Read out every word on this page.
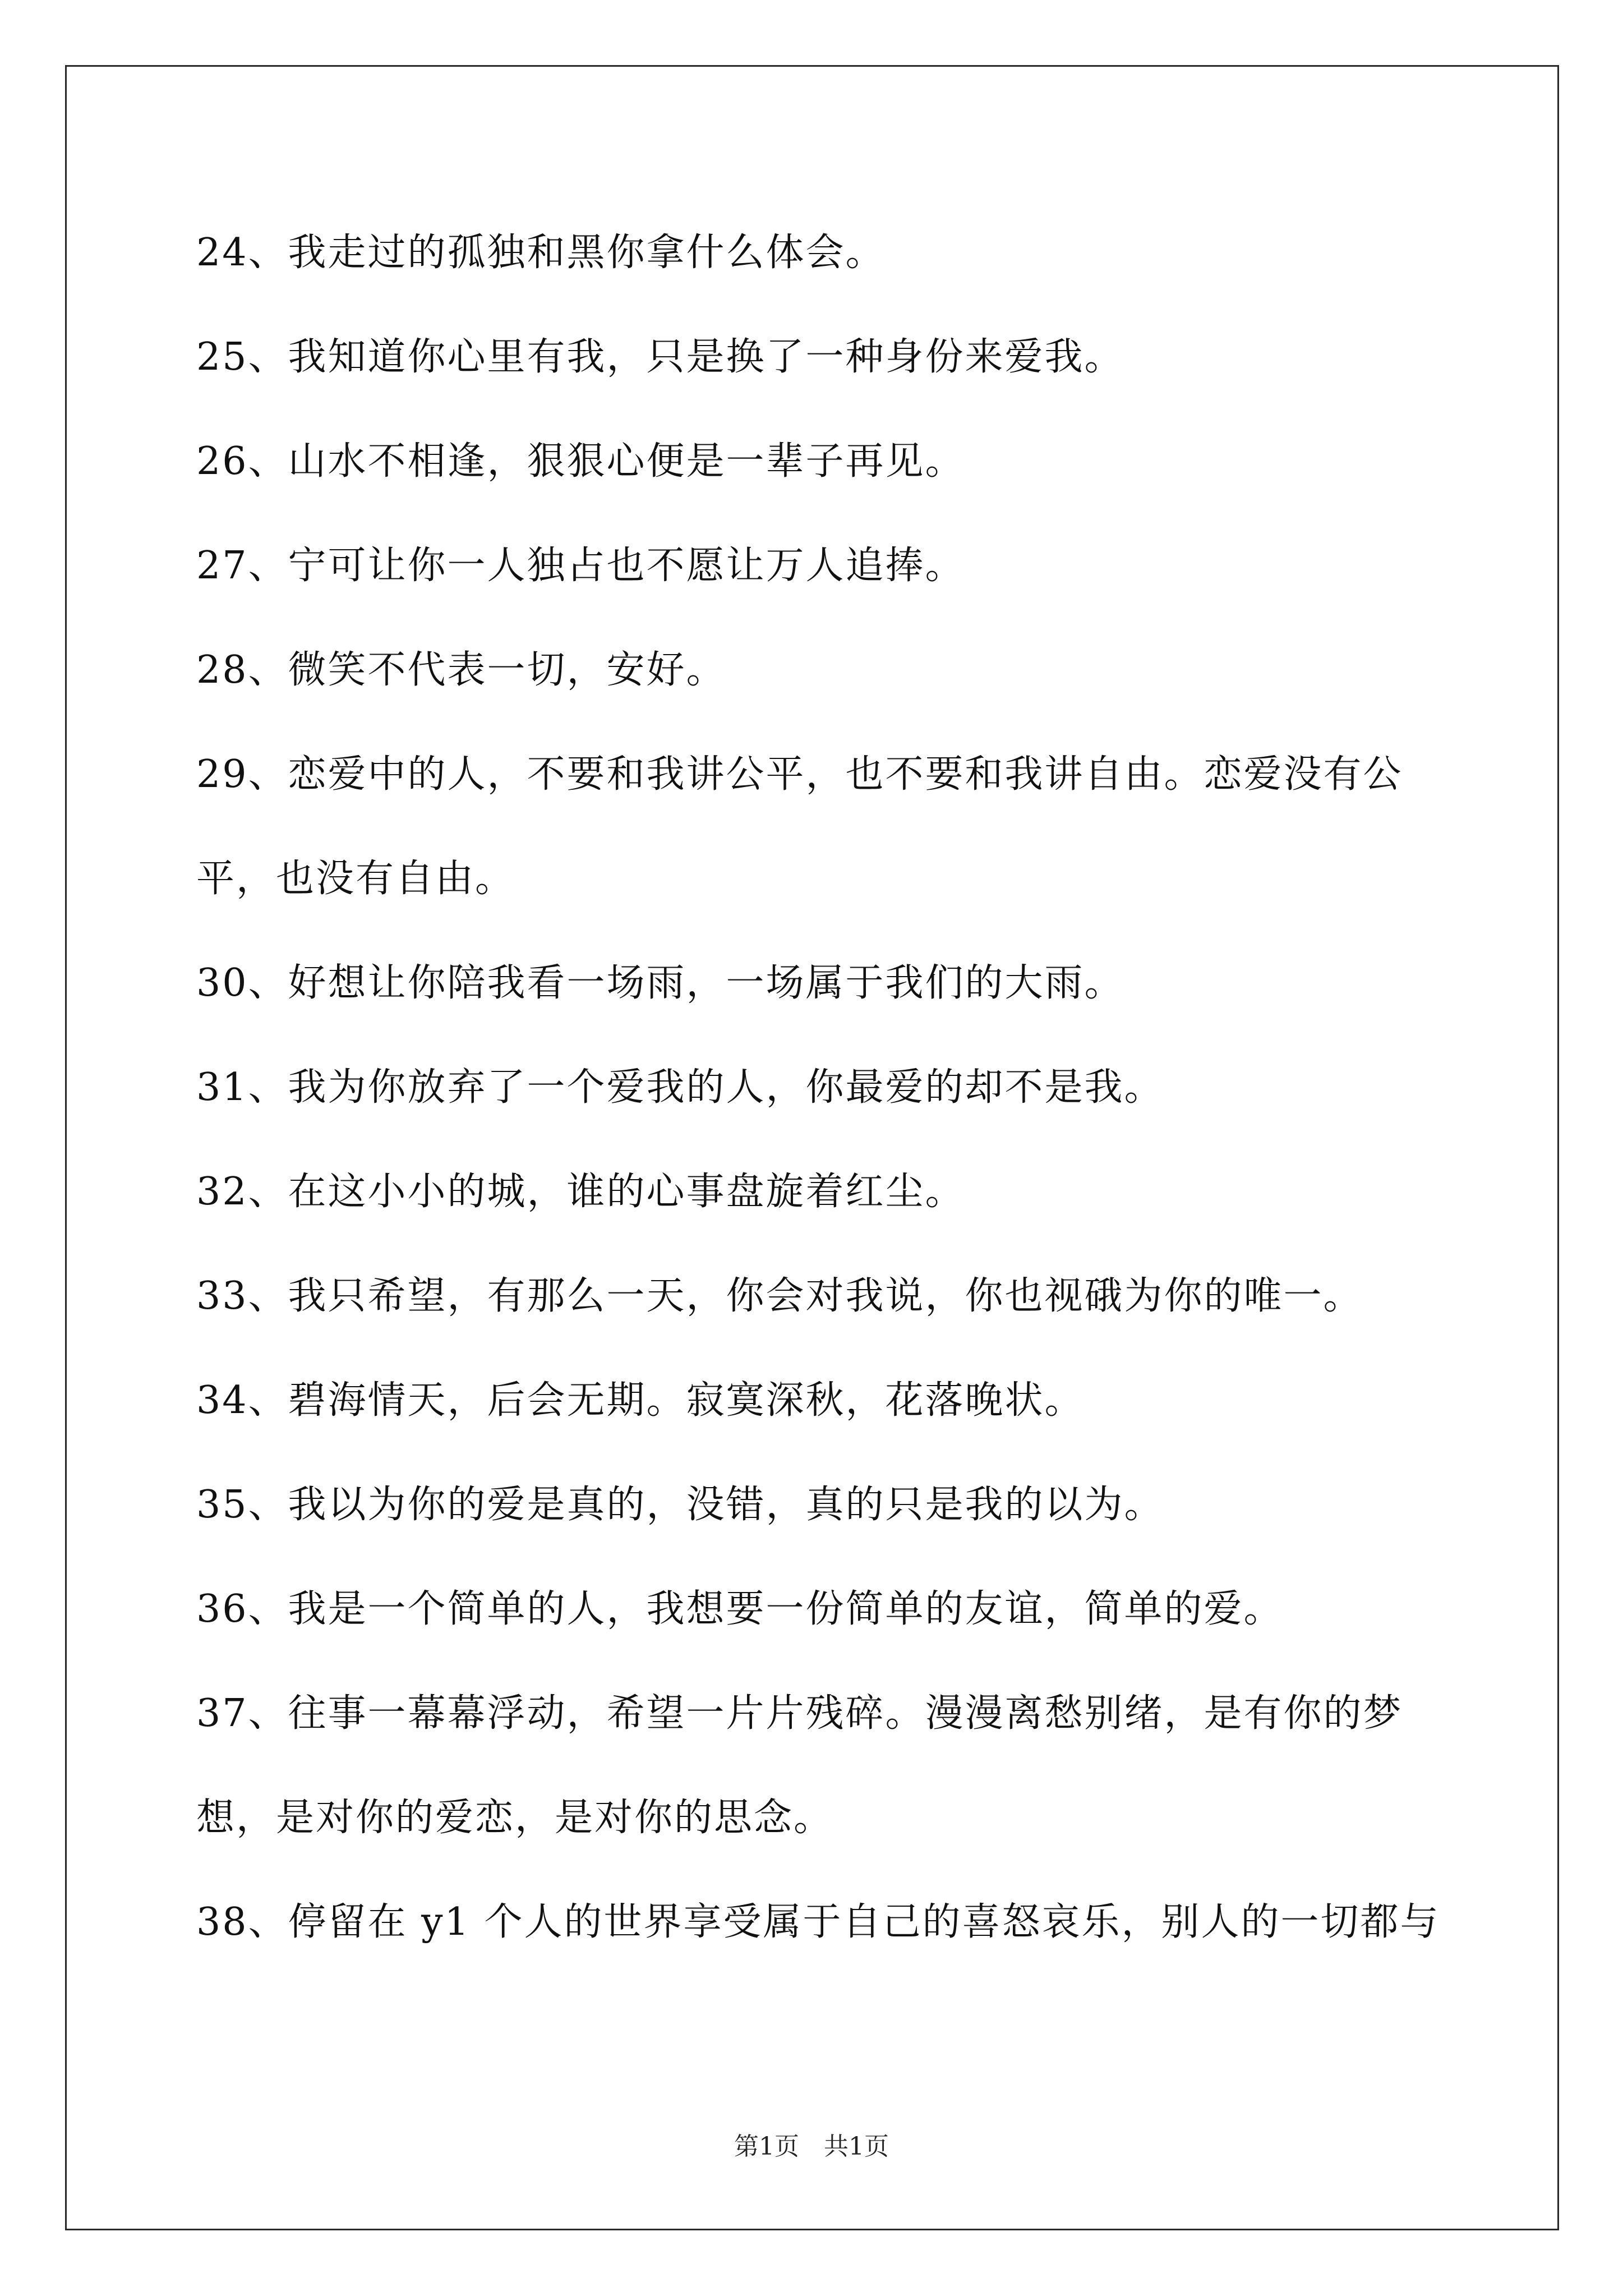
24、我走过的孤独和黑你拿什么体会。
25、我知道你心里有我，只是换了一种身份来爱我。
26、山水不相逢，狠狠心便是一辈子再见。
27、宁可让你一人独占也不愿让万人追捧。
28、微笑不代表一切，安好。
29、恋爱中的人，不要和我讲公平，也不要和我讲自由。恋爱没有公
平，也没有自由。
30、好想让你陪我看一场雨，一场属于我们的大雨。
31、我为你放弃了一个爱我的人，你最爱的却不是我。
32、在这小小的城，谁的心事盘旋着红尘。
33、我只希望，有那么一天，你会对我说，你也视硪为你的唯一。
34、碧海情天，后会无期。寂寞深秋，花落晚状。
35、我以为你的爱是真的，没错，真的只是我的以为。
36、我是一个简单的人，我想要一份简单的友谊，简单的爱。
37、往事一幕幕浮动，希望一片片残碎。漫漫离愁别绪，是有你的梦
想，是对你的爱恋，是对你的思念。
38、停留在 y1 个人的世界享受属于自己的喜怒哀乐，别人的一切都与
第1页　共1页
